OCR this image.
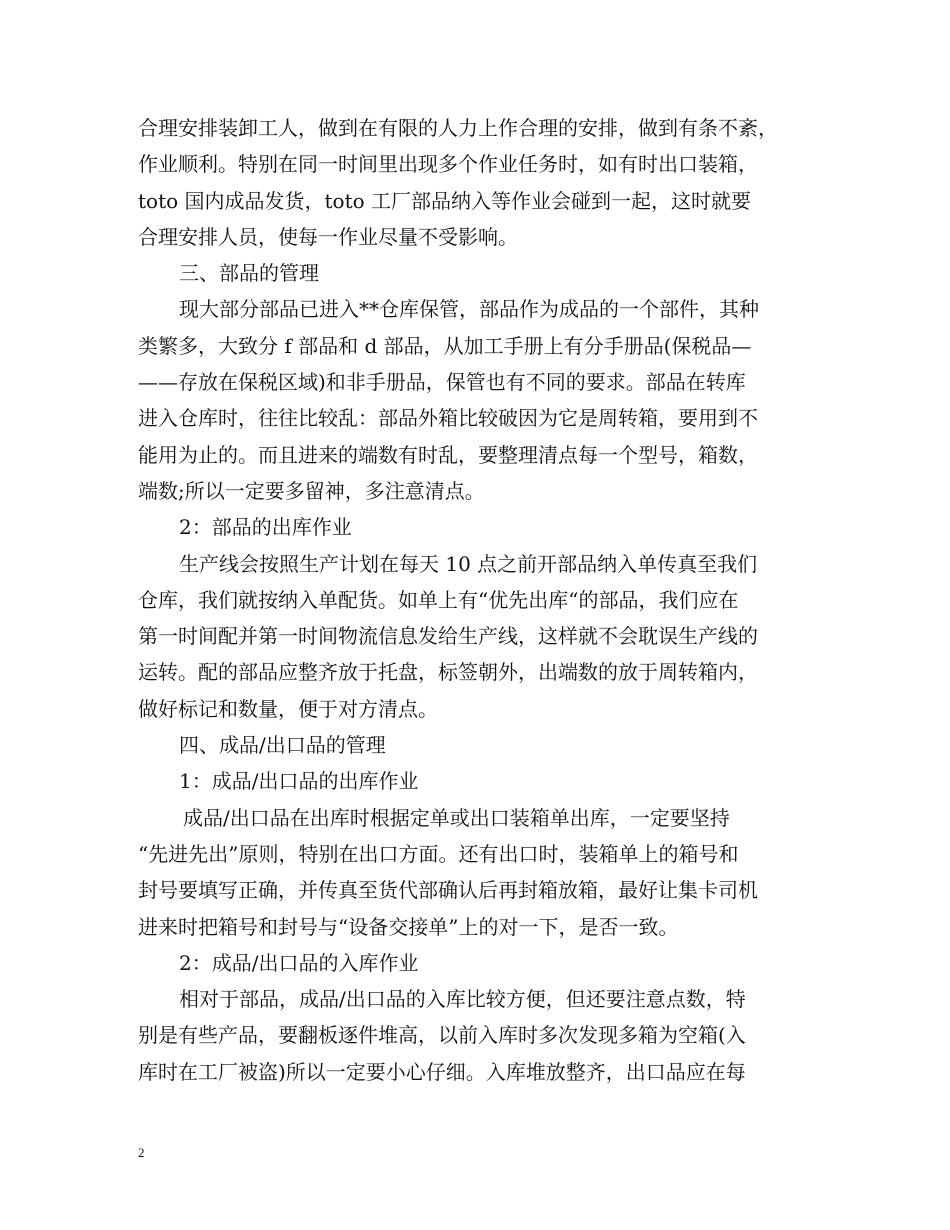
合理安排装卸工人，做到在有限的人力上作合理的安排，做到有条不紊，
作业顺利。特别在同一时间里出现多个作业任务时，如有时出口装箱，
toto 国内成品发货，toto 工厂部品纳入等作业会碰到一起，这时就要
合理安排人员，使每一作业尽量不受影响。
三、部品的管理
现大部分部品已进入**仓库保管，部品作为成品的一个部件，其种
类繁多，大致分 f 部品和 d 部品，从加工手册上有分手册品(保税品—
——存放在保税区域)和非手册品，保管也有不同的要求。部品在转库
进入仓库时，往往比较乱：部品外箱比较破因为它是周转箱，要用到不
能用为止的。而且进来的端数有时乱，要整理清点每一个型号，箱数，
端数;所以一定要多留神，多注意清点。
2：部品的出库作业
生产线会按照生产计划在每天 10 点之前开部品纳入单传真至我们
仓库，我们就按纳入单配货。如单上有“优先出库“的部品，我们应在
第一时间配并第一时间物流信息发给生产线，这样就不会耽误生产线的
运转。配的部品应整齐放于托盘，标签朝外，出端数的放于周转箱内，
做好标记和数量，便于对方清点。
四、成品/出口品的管理
1：成品/出口品的出库作业
成品/出口品在出库时根据定单或出口装箱单出库，一定要坚持
“先进先出”原则，特别在出口方面。还有出口时，装箱单上的箱号和
封号要填写正确，并传真至货代部确认后再封箱放箱，最好让集卡司机
进来时把箱号和封号与“设备交接单”上的对一下，是否一致。
2：成品/出口品的入库作业
相对于部品，成品/出口品的入库比较方便，但还要注意点数，特
别是有些产品，要翻板逐件堆高，以前入库时多次发现多箱为空箱(入
库时在工厂被盗)所以一定要小心仔细。入库堆放整齐，出口品应在每
2
